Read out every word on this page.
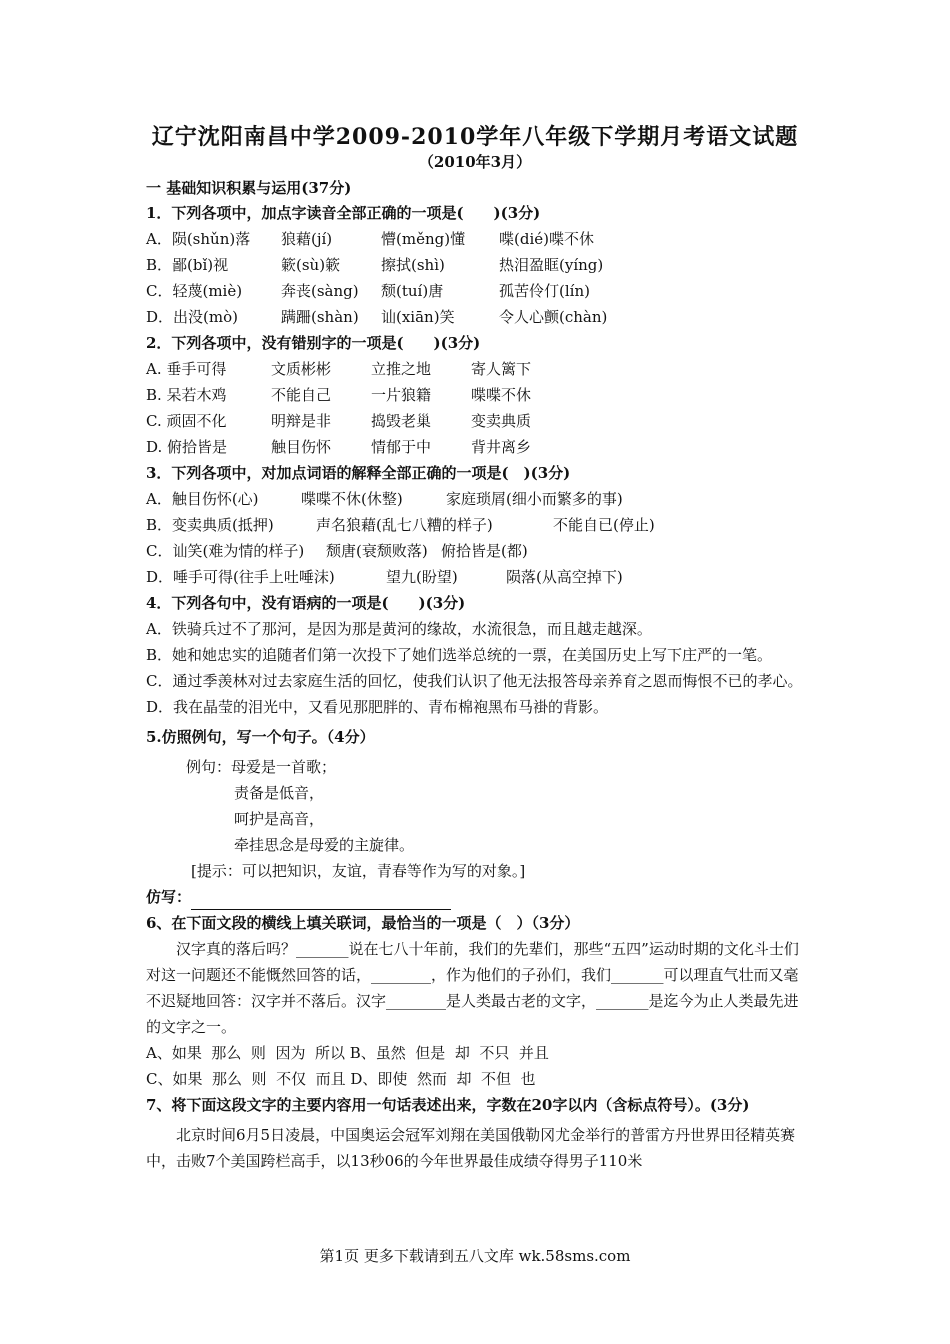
辽宁沈阳南昌中学2009-2010学年八年级下学期月考语文试题
（2010年3月）
一 基础知识积累与运用(37分)
1．下列各项中，加点字读音全部正确的一项是(　　)(3分)
A．陨(shǔn)落 狼藉(jí)	懵(měng)懂 喋(dié)喋不休
B．鄙(bǐ)视	簌(sù)簌	擦拭(shì)	热泪盈眶(yíng)
C．轻蔑(miè)	奔丧(sàng) 颓(tuí)唐	孤苦伶仃(lín)
D．出没(mò)	蹒跚(shàn) 讪(xiān)笑	令人心颤(chàn)
2．下列各项中，没有错别字的一项是(　　)(3分)
A. 垂手可得	文质彬彬	立推之地	寄人篱下
B. 呆若木鸡	不能自己	一片狼籍	喋喋不休
C. 顽固不化	明辩是非	捣毁老巢	变卖典质
D. 俯拾皆是	触目伤怀	情郁于中	背井离乡
3．下列各项中，对加点词语的解释全部正确的一项是(　)(3分)
A．触目伤怀(心)	喋喋不休(休整)	家庭琐屑(细小而繁多的事)
B．变卖典质(抵押)	声名狼藉(乱七八糟的样子)	不能自已(停止)
C．讪笑(难为情的样子) 颓唐(衰颓败落) 俯拾皆是(都)
D．唾手可得(往手上吐唾沫)	望九(盼望)	陨落(从高空掉下)
4．下列各句中，没有语病的一项是(　　)(3分)
A．铁骑兵过不了那河，是因为那是黄河的缘故，水流很急，而且越走越深。
B．她和她忠实的追随者们第一次投下了她们选举总统的一票，在美国历史上写下庄严的一笔。
C．通过季羡林对过去家庭生活的回忆，使我们认识了他无法报答母亲养育之恩而悔恨不已的孝心。
D．我在晶莹的泪光中，又看见那肥胖的、青布棉袍黑布马褂的背影。
5.仿照例句，写一个句子。（4分）
例句：母爱是一首歌；
责备是低音，
呵护是高音，
牵挂思念是母爱的主旋律。
[提示：可以把知识，友谊，青春等作为写的对象。]
仿写：
6、在下面文段的横线上填关联词，最恰当的一项是（　）（3分）
汉字真的落后吗？_______说在七八十年前，我们的先辈们，那些“五四”运动时期的文化斗士们对这一问题还不能慨然回答的话，________，作为他们的子孙们，我们_______可以理直气壮而又毫不迟疑地回答：汉字并不落后。汉字________是人类最古老的文字，_______是迄今为止人类最先进的文字之一。
A、如果  那么  则  因为  所以 B、虽然  但是  却  不只  并且
C、如果  那么  则  不仅  而且 D、即使  然而  却  不但  也
7、将下面这段文字的主要内容用一句话表述出来，字数在20字以内（含标点符号）。(3分)
北京时间6月5日凌晨，中国奥运会冠军刘翔在美国俄勒冈尤金举行的普雷方丹世界田径精英赛中，击败7个美国跨栏高手，以13秒06的今年世界最佳成绩夺得男子110米
第1页 更多下载请到五八文库 wk.58sms.com
